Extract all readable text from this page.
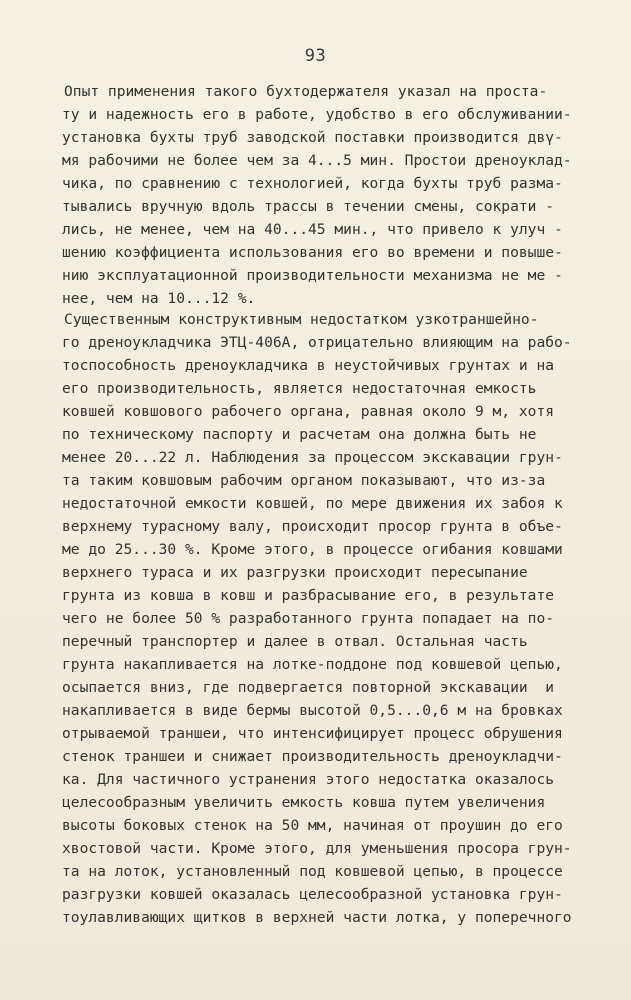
93
Опыт применения такого бухтодержателя указал на проста-
ту и надежность его в работе, удобство в его обслуживании-
установка бухты труб заводской поставки производится двү-
мя рабочими не более чем за 4...5 мин. Простои дреноуклад-
чика, по сравнению с технологией, когда бухты труб разма-
тывались вручную вдоль трассы в течении смены, сократи -
лись, не менее, чем на 40...45 мин., что привело к улуч -
шению коэффициента использования его во времени и повыше-
нию эксплуатационной производительности механизма не ме -
нее, чем на 10...12 %.
Существенным конструктивным недостатком узкотраншейно-
го дреноукладчика ЭТЦ-406А, отрицательно влияющим на рабо-
тоспособность дреноукладчика в неустойчивых грунтах и на
его производительность, является недостаточная емкость
ковшей ковшового рабочего органа, равная около 9 м, хотя
по техническому паспорту и расчетам она должна быть не
менее 20...22 л. Наблюдения за процессом экскавации грун-
та таким ковшовым рабочим органом показывают, что из-за
недостаточной емкости ковшей, по мере движения их забоя к
верхнему турасному валу, происходит просор грунта в объе-
ме до 25...30 %. Кроме этого, в процессе огибания ковшами
верхнего тураса и их разгрузки происходит пересыпание
грунта из ковша в ковш и разбрасывание его, в результате
чего не более 50 % разработанного грунта попадает на по-
перечный транспортер и далее в отвал. Остальная часть
грунта накапливается на лотке-поддоне под ковшевой цепью,
осыпается вниз, где подвергается повторной экскавации  и
накапливается в виде бермы высотой 0,5...0,6 м на бровках
отрываемой траншеи, что интенсифицирует процесс обрушения
стенок траншеи и снижает производительность дреноукладчи-
ка. Для частичного устранения этого недостатка оказалось
целесообразным увеличить емкость ковша путем увеличения
высоты боковых стенок на 50 мм, начиная от проушин до его
хвостовой части. Кроме этого, для уменьшения просора грун-
та на лоток, установленный под ковшевой цепью, в процессе
разгрузки ковшей оказалась целесообразной установка грун-
тоулавливающих щитков в верхней части лотка, у поперечного
